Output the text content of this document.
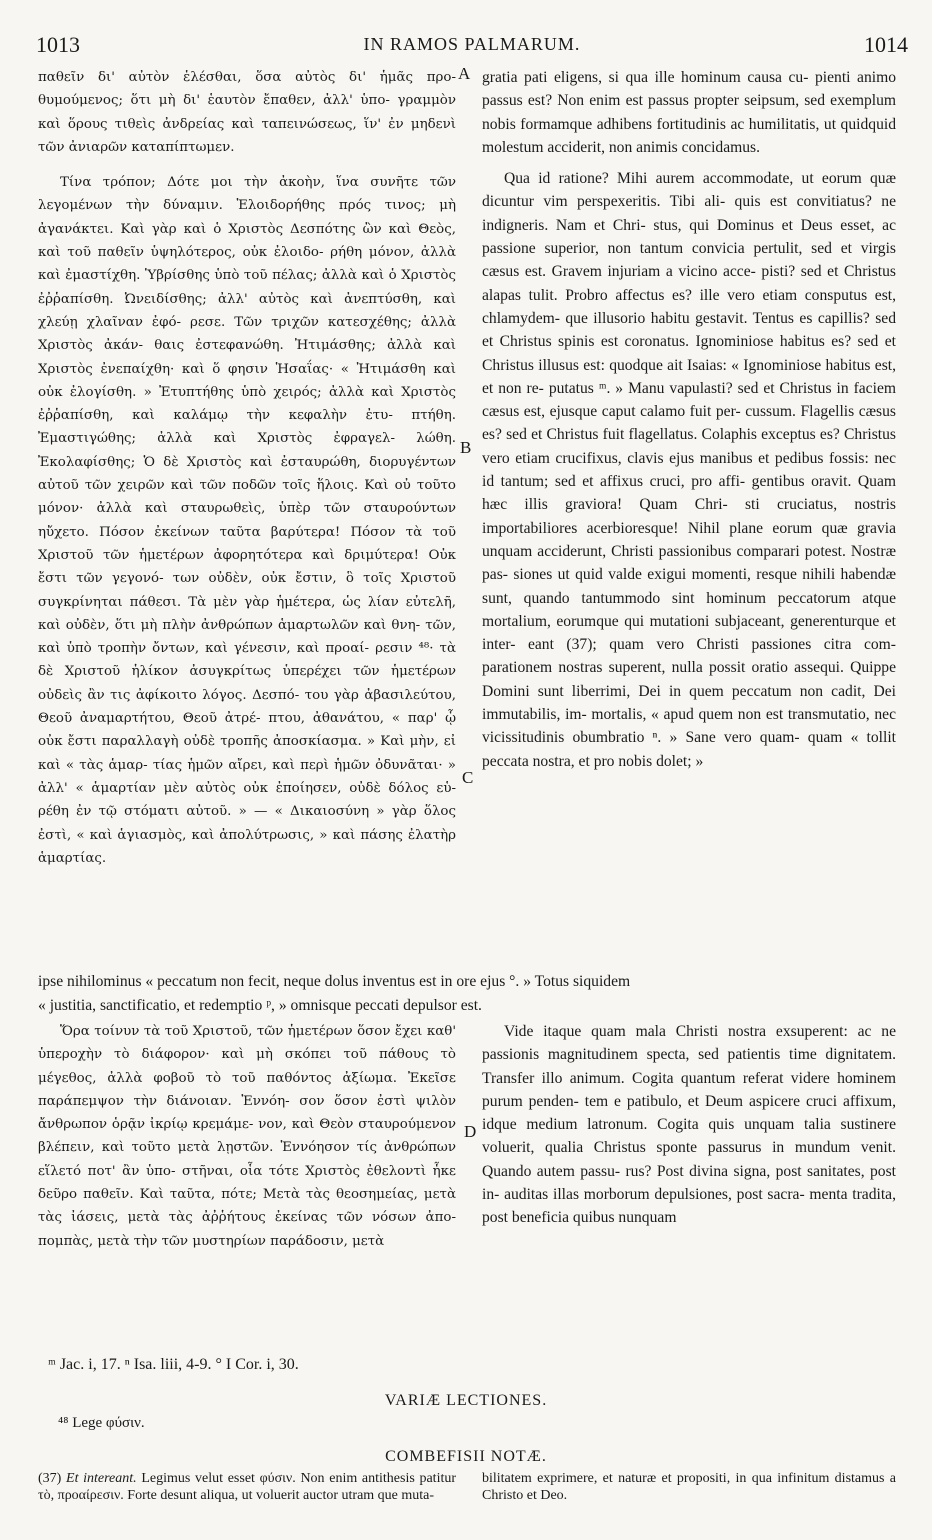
1013	IN RAMOS PALMARUM.	1014

παθεῖν δι' αὐτὸν ἑλέσθαι, ὅσα αὐτὸς δι' ἡμᾶς προ- θυμούμενος; ὅτι μὴ δι' ἑαυτὸν ἔπαθεν, ἀλλ' ὑπο- γραμμὸν καὶ ὅρους τιθεὶς ἀνδρείας καὶ ταπεινώσεως, ἵν' ἐν μηδενὶ τῶν ἀνιαρῶν καταπίπτωμεν.

Τίνα τρόπον; Δότε μοι τὴν ἀκοὴν, ἵνα συνῆτε τῶν λεγομένων τὴν δύναμιν. Ἐλοιδορήθης πρός τινος; μὴ ἀγανάκτει. Καὶ γὰρ καὶ ὁ Χριστὸς Δεσπότης ὢν καὶ Θεὸς, καὶ τοῦ παθεῖν ὑψηλότερος, οὐκ ἐλοιδο- ρήθη μόνον, ἀλλὰ καὶ ἐμαστίχθη. Ὑβρίσθης ὑπὸ τοῦ πέλας; ἀλλὰ καὶ ὁ Χριστὸς ἐῤῥαπίσθη. Ὠνειδίσθης; ἀλλ' αὐτὸς καὶ ἀνεπτύσθη, καὶ χλεύῃ χλαῖναν ἐφό- ρεσε. Τῶν τριχῶν κατεσχέθης; ἀλλὰ Χριστὸς ἀκάν- θαις ἐστεφανώθη. Ἠτιμάσθης; ἀλλὰ καὶ Χριστὸς ἐνεπαίχθη· καὶ ὅ φησιν Ἡσαΐας· « Ἠτιμάσθη καὶ οὐκ ἐλογίσθη. » Ἐτυπτήθης ὑπὸ χειρός; ἀλλὰ καὶ Χριστὸς ἐῤῥαπίσθη, καὶ καλάμῳ τὴν κεφαλὴν ἐτυ- πτήθη. Ἐμαστιγώθης; ἀλλὰ καὶ Χριστὸς ἐφραγελ- λώθη. Ἐκολαφίσθης; Ὁ δὲ Χριστὸς καὶ ἐσταυρώθη, διορυγέντων αὐτοῦ τῶν χειρῶν καὶ τῶν ποδῶν τοῖς ἥλοις. Καὶ οὐ τοῦτο μόνον· ἀλλὰ καὶ σταυρωθεὶς, ὑπὲρ τῶν σταυρούντων ηὔχετο. Πόσον ἐκείνων ταῦτα βαρύτερα! Πόσον τὰ τοῦ Χριστοῦ τῶν ἡμετέρων ἀφορητότερα καὶ δριμύτερα! Οὐκ ἔστι τῶν γεγονό- των οὐδὲν, οὐκ ἔστιν, ὃ τοῖς Χριστοῦ συγκρίνηται πάθεσι. Τὰ μὲν γὰρ ἡμέτερα, ὡς λίαν εὐτελῆ, καὶ οὐδὲν, ὅτι μὴ πλὴν ἀνθρώπων ἁμαρτωλῶν καὶ θνη- τῶν, καὶ ὑπὸ τροπὴν ὄντων, καὶ γένεσιν, καὶ προαί- ρεσιν ⁴⁸· τὰ δὲ Χριστοῦ ἡλίκον ἀσυγκρίτως ὑπερέχει τῶν ἡμετέρων οὐδεὶς ἂν τις ἀφίκοιτο λόγος. Δεσπό- του γὰρ ἀβασιλεύτου, Θεοῦ ἀναμαρτήτου, Θεοῦ ἀτρέ- πτου, ἀθανάτου, « παρ' ᾧ οὐκ ἔστι παραλλαγὴ οὐδὲ τροπῆς ἀποσκίασμα. » Καὶ μὴν, εἰ καὶ « τὰς ἁμαρ- τίας ἡμῶν αἴρει, καὶ περὶ ἡμῶν ὀδυνᾶται· » ἀλλ' « ἁμαρτίαν μὲν αὐτὸς οὐκ ἐποίησεν, οὐδὲ δόλος εὑ- ρέθη ἐν τῷ στόματι αὐτοῦ. » — « Δικαιοσύνη » γὰρ ὅλος ἐστὶ, « καὶ ἁγιασμὸς, καὶ ἀπολύτρωσις, » καὶ πάσης ἐλατὴρ ἁμαρτίας.

gratia pati eligens, si qua ille hominum causa cu- pienti animo passus est? Non enim est passus propter seipsum, sed exemplum nobis formamque adhibens fortitudinis ac humilitatis, ut quidquid molestum acciderit, non animis concidamus.

Qua id ratione? Mihi aurem accommodate, ut eorum quæ dicuntur vim perspexeritis. Tibi ali- quis est convitiatus? ne indigneris. Nam et Chri- stus, qui Dominus et Deus esset, ac passione superior, non tantum convicia pertulit, sed et virgis cæsus est. Gravem injuriam a vicino acce- pisti? sed et Christus alapas tulit. Probro affectus es? ille vero etiam consputus est, chlamydem- que illusorio habitu gestavit. Tentus es capillis? sed et Christus spinis est coronatus. Ignominiose habitus es? sed et Christus illusus est: quodque ait Isaias: « Ignominiose habitus est, et non re- putatus ᵐ. » Manu vapulasti? sed et Christus in faciem cæsus est, ejusque caput calamo fuit per- cussum. Flagellis cæsus es? sed et Christus fuit flagellatus. Colaphis exceptus es? Christus vero etiam crucifixus, clavis ejus manibus et pedibus fossis: nec id tantum; sed et affixus cruci, pro affi- gentibus oravit. Quam hæc illis graviora! Quam Chri- sti cruciatus, nostris importabiliores acerbioresque! Nihil plane eorum quæ gravia unquam acciderunt, Christi passionibus comparari potest. Nostræ pas- siones ut quid valde exigui momenti, resque nihili habendæ sunt, quando tantummodo sint hominum peccatorum atque mortalium, eorumque qui mutationi subjaceant, generenturque et inter- eant (37); quam vero Christi passiones citra com- parationem nostras superent, nulla possit oratio assequi. Quippe Domini sunt liberrimi, Dei in quem peccatum non cadit, Dei immutabilis, im- mortalis, « apud quem non est transmutatio, nec vicissitudinis obumbratio ⁿ. » Sane vero quam- quam « tollit peccata nostra, et pro nobis dolet; »

A
B
C
D
ipse nihilominus « peccatum non fecit, neque dolus inventus est in ore ejus °. » Totus siquidem
« justitia, sanctificatio, et redemptio ᵖ, » omnisque peccati depulsor est.

Ὅρα τοίνυν τὰ τοῦ Χριστοῦ, τῶν ἡμετέρων ὅσον ἔχει καθ' ὑπεροχὴν τὸ διάφορον· καὶ μὴ σκόπει τοῦ πάθους τὸ μέγεθος, ἀλλὰ φοβοῦ τὸ τοῦ παθόντος ἀξίωμα. Ἐκεῖσε παράπεμψον τὴν διάνοιαν. Ἐννόη- σον ὅσον ἐστὶ ψιλὸν ἄνθρωπον ὁρᾷν ἰκρίῳ κρεμάμε- νον, καὶ Θεὸν σταυρούμενον βλέπειν, καὶ τοῦτο μετὰ λῃστῶν. Ἐννόησον τίς ἀνθρώπων εἵλετό ποτ' ἂν ὑπο- στῆναι, οἷα τότε Χριστὸς ἐθελοντὶ ἧκε δεῦρο παθεῖν. Καὶ ταῦτα, πότε; Μετὰ τὰς θεοσημείας, μετὰ τὰς ἰάσεις, μετὰ τὰς ἀῤῥήτους ἐκείνας τῶν νόσων ἀπο- πομπὰς, μετὰ τὴν τῶν μυστηρίων παράδοσιν, μετὰ

Vide itaque quam mala Christi nostra exsuperent: ac ne passionis magnitudinem specta, sed patientis time dignitatem. Transfer illo animum. Cogita quantum referat videre hominem purum penden- tem e patibulo, et Deum aspicere cruci affixum, idque medium latronum. Cogita quis unquam talia sustinere voluerit, qualia Christus sponte passurus in mundum venit. Quando autem passu- rus? Post divina signa, post sanitates, post in- auditas illas morborum depulsiones, post sacra- menta tradita, post beneficia quibus nunquam

ᵐ Jac. i, 17. ⁿ Isa. liii, 4-9. ° I Cor. i, 30.
VARIÆ LECTIONES.
⁴⁸ Lege φύσιν.
COMBEFISII NOTÆ.

(37) Et intereant. Legimus velut esset φύσιν. Non enim antithesis patitur τὸ, προαίρεσιν. Forte desunt aliqua, ut voluerit auctor utram que muta-

bilitatem exprimere, et naturæ et propositi, in qua infinitum distamus a Christo et Deo.
